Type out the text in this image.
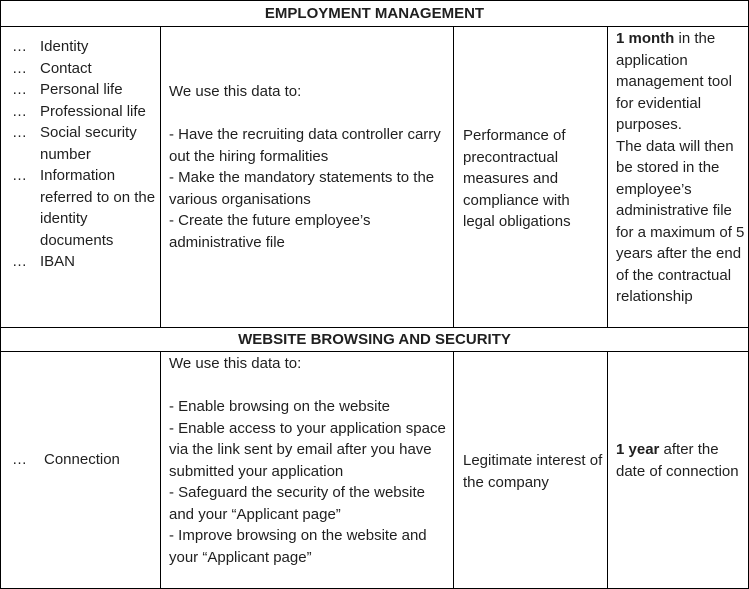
EMPLOYMENT MANAGEMENT
… Identity
… Contact
… Personal life
… Professional life
… Social security number
… Information referred to on the identity documents
… IBAN

We use this data to:

- Have the recruiting data controller carry out the hiring formalities

- Make the mandatory statements to the various organisations

- Create the future employee’s administrative file

Performance of precontractual measures and compliance with legal obligations

1 month in the application management tool for evidential purposes.

The data will then be stored in the employee’s administrative file for a maximum of 5 years after the end of the contractual relationship

WEBSITE BROWSING AND SECURITY
… Connection

We use this data to:

- Enable browsing on the website

- Enable access to your application space via the link sent by email after you have submitted your application

- Safeguard the security of the website and your “Applicant page”

- Improve browsing on the website and your “Applicant page”

Legitimate interest of the company

1 year after the date of connection
